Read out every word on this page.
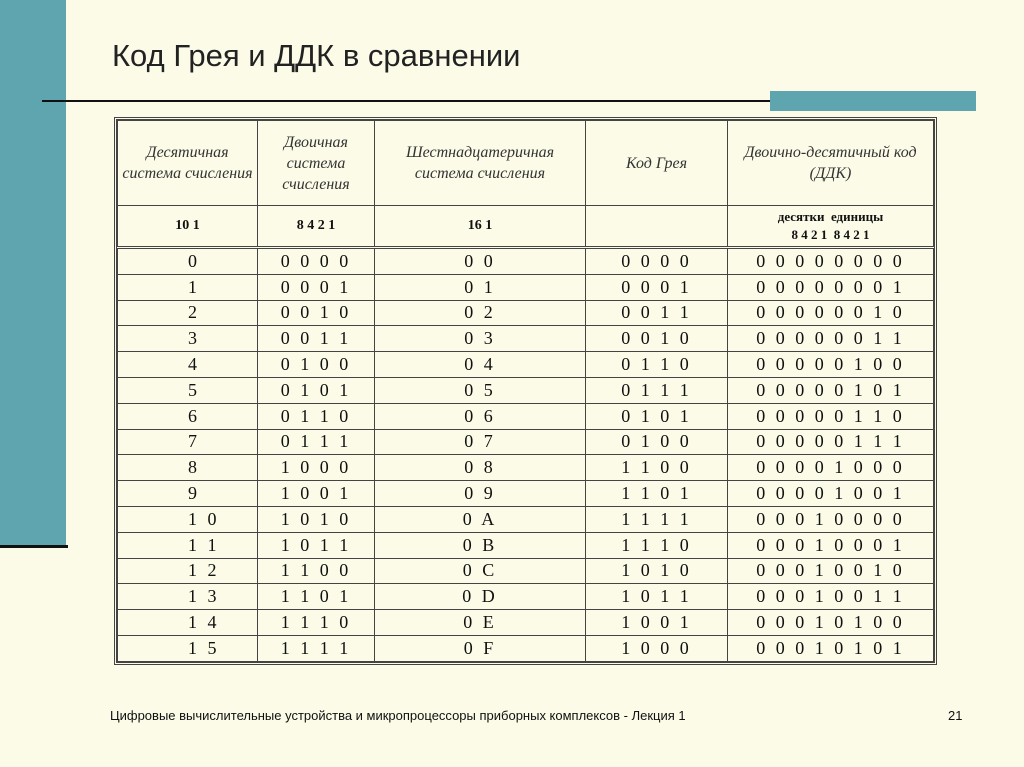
Код Грея и ДДК в сравнении
Десятичная система счисления	Двоичная система счисления	Шестнадцатеричная система счисления	Код Грея	Двоично-десятичный код (ДДК)
10 1	8 4 2 1	16 1		десятки  единицы
8 4 2 1  8 4 2 1

0	0 0 0 0	0 0	0 0 0 0	0 0 0 0 0 0 0 0
1	0 0 0 1	0 1	0 0 0 1	0 0 0 0 0 0 0 1
2	0 0 1 0	0 2	0 0 1 1	0 0 0 0 0 0 1 0
3	0 0 1 1	0 3	0 0 1 0	0 0 0 0 0 0 1 1
4	0 1 0 0	0 4	0 1 1 0	0 0 0 0 0 1 0 0
5	0 1 0 1	0 5	0 1 1 1	0 0 0 0 0 1 0 1
6	0 1 1 0	0 6	0 1 0 1	0 0 0 0 0 1 1 0
7	0 1 1 1	0 7	0 1 0 0	0 0 0 0 0 1 1 1
8	1 0 0 0	0 8	1 1 0 0	0 0 0 0 1 0 0 0
9	1 0 0 1	0 9	1 1 0 1	0 0 0 0 1 0 0 1
1 0	1 0 1 0	0 A	1 1 1 1	0 0 0 1 0 0 0 0
1 1	1 0 1 1	0 B	1 1 1 0	0 0 0 1 0 0 0 1
1 2	1 1 0 0	0 C	1 0 1 0	0 0 0 1 0 0 1 0
1 3	1 1 0 1	0 D	1 0 1 1	0 0 0 1 0 0 1 1
1 4	1 1 1 0	0 E	1 0 0 1	0 0 0 1 0 1 0 0
1 5	1 1 1 1	0 F	1 0 0 0	0 0 0 1 0 1 0 1
Цифровые вычислительные устройства и микропроцессоры приборных комплексов - Лекция 1	21
